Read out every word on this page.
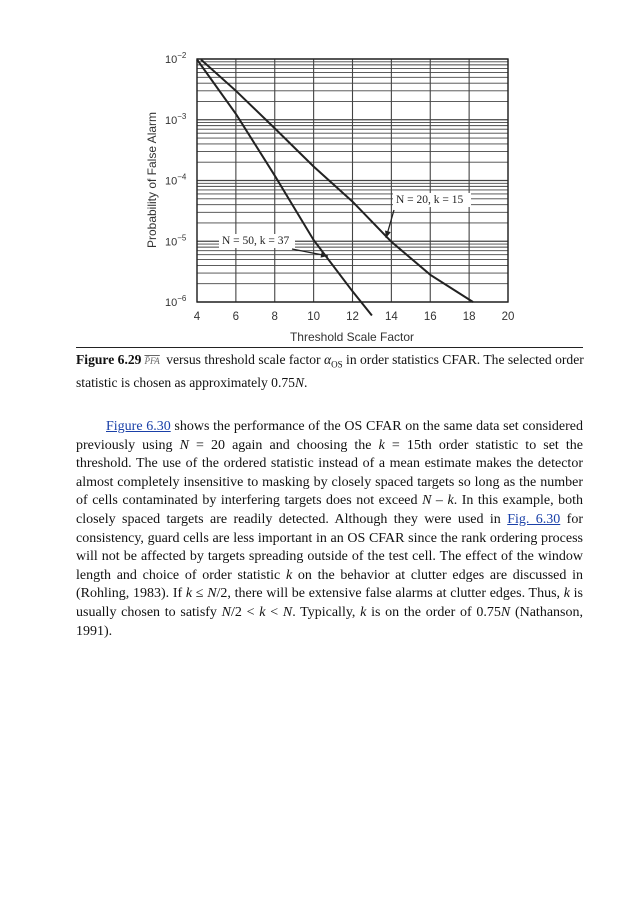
N = 20, k = 15
N = 50, k = 37
$10^{-2}$
$10^{-3}$
$10^{-4}$
$10^{-5}$
$10^{-6}$
4	6	8	10 12 14 16 18 20
Threshold Scale Factor
Probability of False Alarm
Figure 6.29 P̄FA versus threshold scale factor $\alpha_{OS}$ in order statistics CFAR. The selected order statistic is chosen as approximately 0.75N.

Figure 6.30 shows the performance of the OS CFAR on the same data set considered previously using N = 20 again and choosing the k = 15th order statistic to set the threshold. The use of the ordered statistic instead of a mean estimate makes the detector almost completely insensitive to masking by closely spaced targets so long as the number of cells contaminated by interfering targets does not exceed N – k. In this example, both closely spaced targets are readily detected. Although they were used in Fig. 6.30 for consistency, guard cells are less important in an OS CFAR since the rank ordering process will not be affected by targets spreading outside of the test cell. The effect of the window length and choice of order statistic k on the behavior at clutter edges are discussed in (Rohling, 1983). If k ≤ N/2, there will be extensive false alarms at clutter edges. Thus, k is usually chosen to satisfy N/2 < k < N. Typically, k is on the order of 0.75N (Nathanson, 1991).
